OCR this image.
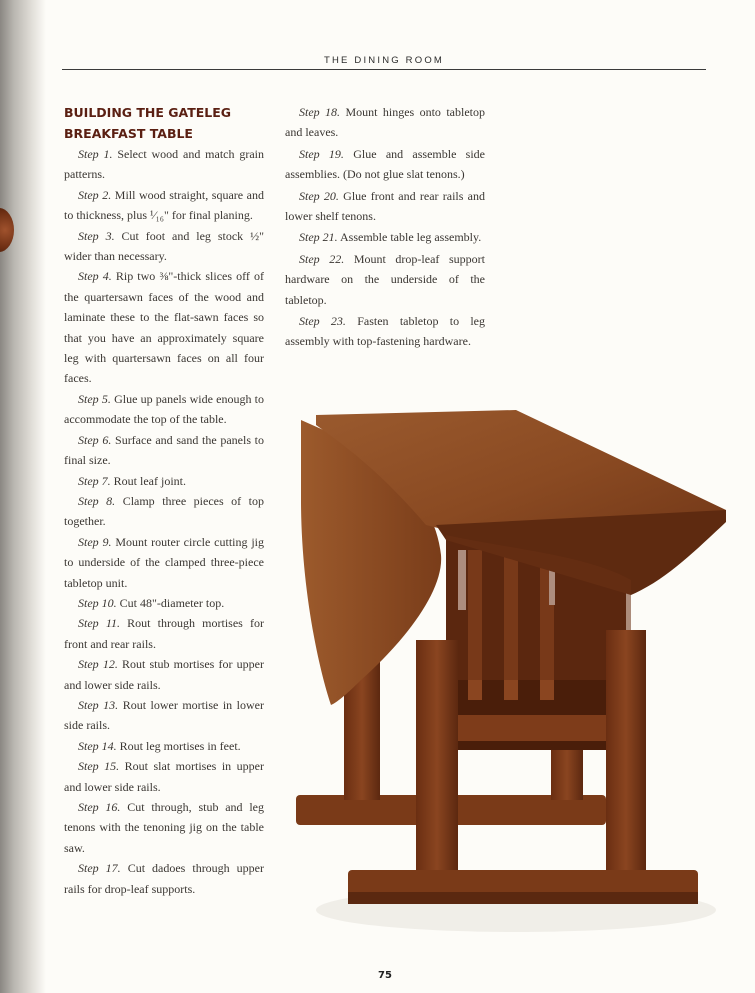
THE DINING ROOM
BUILDING THE GATELEG
BREAKFAST TABLE

Step 1. Select wood and match grain patterns.

Step 2. Mill wood straight, square and to thickness, plus ¹⁄₁₆" for final planing.

Step 3. Cut foot and leg stock ½" wider than necessary.

Step 4. Rip two ⅜"-thick slices off of the quartersawn faces of the wood and laminate these to the flat-sawn faces so that you have an approximately square leg with quartersawn faces on all four faces.

Step 5. Glue up panels wide enough to accommodate the top of the table.

Step 6. Surface and sand the panels to final size.

Step 7. Rout leaf joint.

Step 8. Clamp three pieces of top together.

Step 9. Mount router circle cutting jig to underside of the clamped three-piece tabletop unit.

Step 10. Cut 48"-diameter top.

Step 11. Rout through mortises for front and rear rails.

Step 12. Rout stub mortises for upper and lower side rails.

Step 13. Rout lower mortise in lower side rails.

Step 14. Rout leg mortises in feet.

Step 15. Rout slat mortises in upper and lower side rails.

Step 16. Cut through, stub and leg tenons with the tenoning jig on the table saw.

Step 17. Cut dadoes through upper rails for drop-leaf supports.

Step 18. Mount hinges onto tabletop and leaves.

Step 19. Glue and assemble side assemblies. (Do not glue slat tenons.)

Step 20. Glue front and rear rails and lower shelf tenons.

Step 21. Assemble table leg assembly.

Step 22. Mount drop-leaf support hardware on the underside of the tabletop.

Step 23. Fasten tabletop to leg assembly with top-fastening hardware.

75
